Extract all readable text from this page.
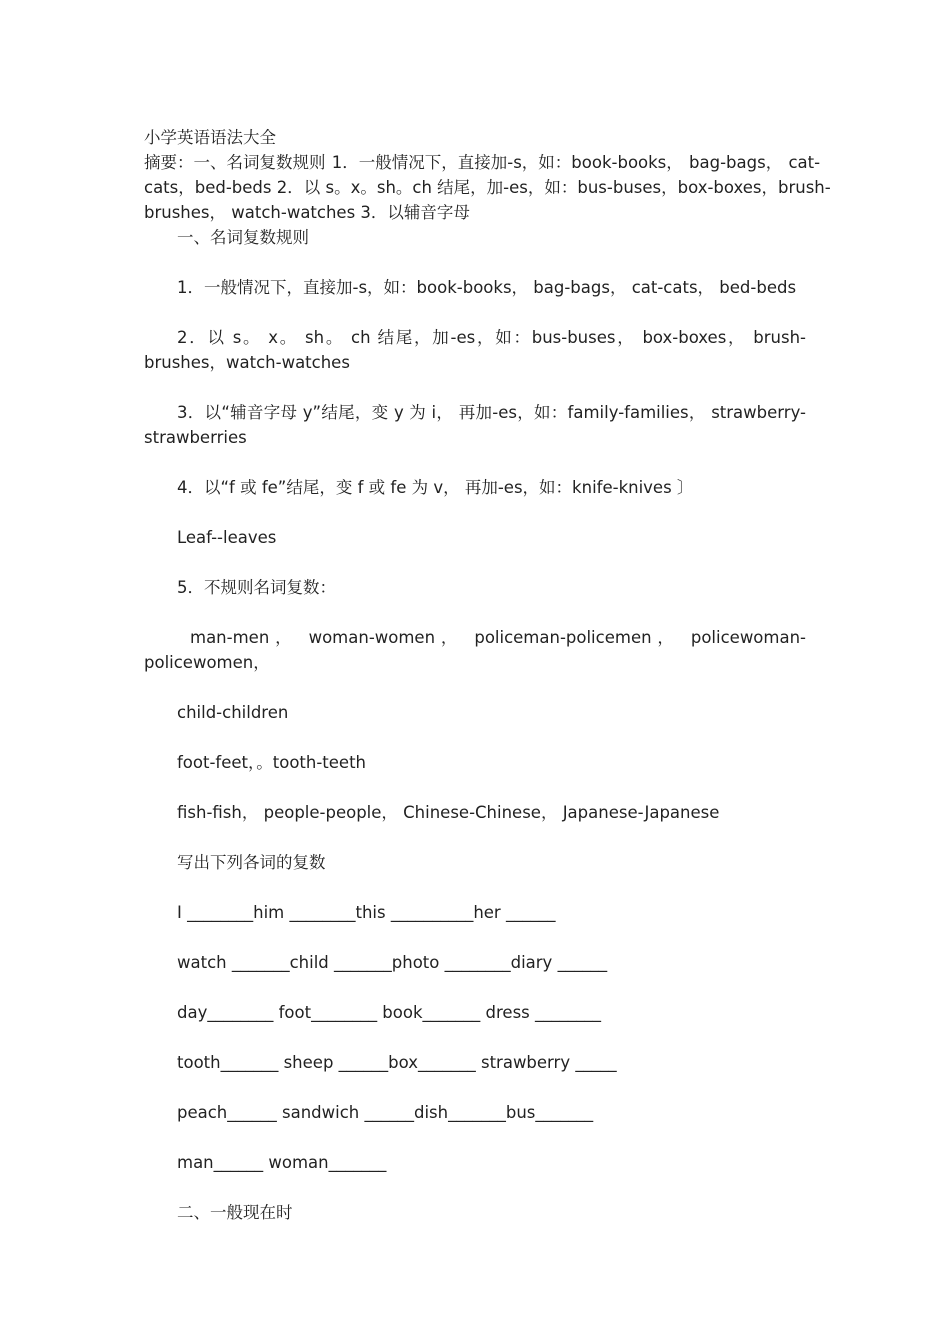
小学英语语法大全

摘要：一、名词复数规则 1．一般情况下，直接加-s，如：book-books， bag-bags， cat-

cats，bed-beds 2．以 s。x。sh。ch 结尾，加-es，如：bus-buses，box-boxes，brush-

brushes， watch-watches 3．以辅音字母

一、名词复数规则

1．一般情况下，直接加-s，如：book-books， bag-bags， cat-cats， bed-beds

2．以 s。 x。 sh。 ch 结尾，加-es，如：bus-buses， box-boxes， brush-brushes，watch-watches

3．以“辅音字母 y”结尾，变 y 为 i， 再加-es，如：family-families， strawberry-strawberries

4．以“f 或 fe”结尾，变 f 或 fe 为 v， 再加-es，如：knife-knives 〕

Leaf--leaves

5．不规则名词复数：

man-men， woman-women， policeman-policemen， policewoman-policewomen，

child-children

foot-feet，。tooth-teeth

fish-fish， people-people， Chinese-Chinese， Japanese-Japanese

写出下列各词的复数

I ________him ________this __________her ______

watch _______child _______photo ________diary ______

day________ foot________ book_______ dress ________

tooth_______ sheep ______box_______ strawberry _____

peach______ sandwich ______dish_______bus_______

man______ woman_______

二、一般现在时
